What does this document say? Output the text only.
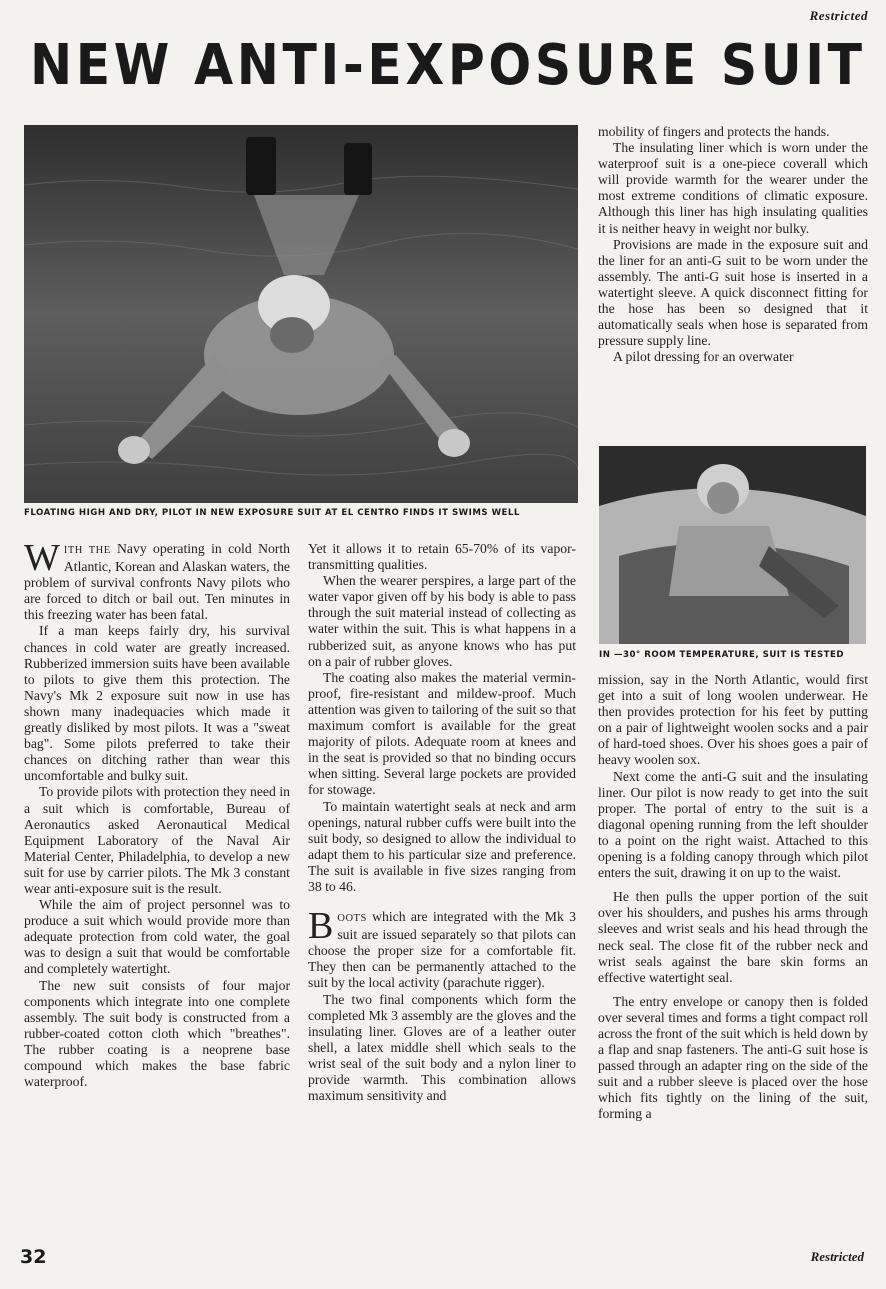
Restricted
NEW ANTI-EXPOSURE SUIT
FLOATING HIGH AND DRY, PILOT IN NEW EXPOSURE SUIT AT EL CENTRO FINDS IT SWIMS WELL
IN —30° ROOM TEMPERATURE, SUIT IS TESTED

WITH THE Navy operating in cold North Atlantic, Korean and Alaskan waters, the problem of survival confronts Navy pilots who are forced to ditch or bail out. Ten minutes in this freezing water has been fatal.

If a man keeps fairly dry, his survival chances in cold water are greatly increased. Rubberized immersion suits have been available to pilots to give them this protection. The Navy's Mk 2 exposure suit now in use has shown many inadequacies which made it greatly disliked by most pilots. It was a "sweat bag". Some pilots preferred to take their chances on ditching rather than wear this uncomfortable and bulky suit.

To provide pilots with protection they need in a suit which is comfortable, Bureau of Aeronautics asked Aeronautical Medical Equipment Laboratory of the Naval Air Material Center, Philadelphia, to develop a new suit for use by carrier pilots. The Mk 3 constant wear anti-exposure suit is the result.

While the aim of project personnel was to produce a suit which would provide more than adequate protection from cold water, the goal was to design a suit that would be comfortable and completely watertight.

The new suit consists of four major components which integrate into one complete assembly. The suit body is constructed from a rubber-coated cotton cloth which "breathes". The rubber coating is a neoprene base compound which makes the base fabric waterproof.

Yet it allows it to retain 65-70% of its vapor-transmitting qualities.

When the wearer perspires, a large part of the water vapor given off by his body is able to pass through the suit material instead of collecting as water within the suit. This is what happens in a rubberized suit, as anyone knows who has put on a pair of rubber gloves.

The coating also makes the material vermin-proof, fire-resistant and mildew-proof. Much attention was given to tailoring of the suit so that maximum comfort is available for the great majority of pilots. Adequate room at knees and in the seat is provided so that no binding occurs when sitting. Several large pockets are provided for stowage.

To maintain watertight seals at neck and arm openings, natural rubber cuffs were built into the suit body, so designed to allow the individual to adapt them to his particular size and preference. The suit is available in five sizes ranging from 38 to 46.

BOOTS which are integrated with the Mk 3 suit are issued separately so that pilots can choose the proper size for a comfortable fit. They then can be permanently attached to the suit by the local activity (parachute rigger).

The two final components which form the completed Mk 3 assembly are the gloves and the insulating liner. Gloves are of a leather outer shell, a latex middle shell which seals to the wrist seal of the suit body and a nylon liner to provide warmth. This combination allows maximum sensitivity and

mobility of fingers and protects the hands.

The insulating liner which is worn under the waterproof suit is a one-piece coverall which will provide warmth for the wearer under the most extreme conditions of climatic exposure. Although this liner has high insulating qualities it is neither heavy in weight nor bulky.

Provisions are made in the exposure suit and the liner for an anti-G suit to be worn under the assembly. The anti-G suit hose is inserted in a watertight sleeve. A quick disconnect fitting for the hose has been so designed that it automatically seals when hose is separated from pressure supply line.

A pilot dressing for an overwater

mission, say in the North Atlantic, would first get into a suit of long woolen underwear. He then provides protection for his feet by putting on a pair of lightweight woolen socks and a pair of hard-toed shoes. Over his shoes goes a pair of heavy woolen sox.

Next come the anti-G suit and the insulating liner. Our pilot is now ready to get into the suit proper. The portal of entry to the suit is a diagonal opening running from the left shoulder to a point on the right waist. Attached to this opening is a folding canopy through which pilot enters the suit, drawing it on up to the waist.

He then pulls the upper portion of the suit over his shoulders, and pushes his arms through sleeves and wrist seals and his head through the neck seal. The close fit of the rubber neck and wrist seals against the bare skin forms an effective watertight seal.

The entry envelope or canopy then is folded over several times and forms a tight compact roll across the front of the suit which is held down by a flap and snap fasteners. The anti-G suit hose is passed through an adapter ring on the side of the suit and a rubber sleeve is placed over the hose which fits tightly on the lining of the suit, forming a

32	Restricted
